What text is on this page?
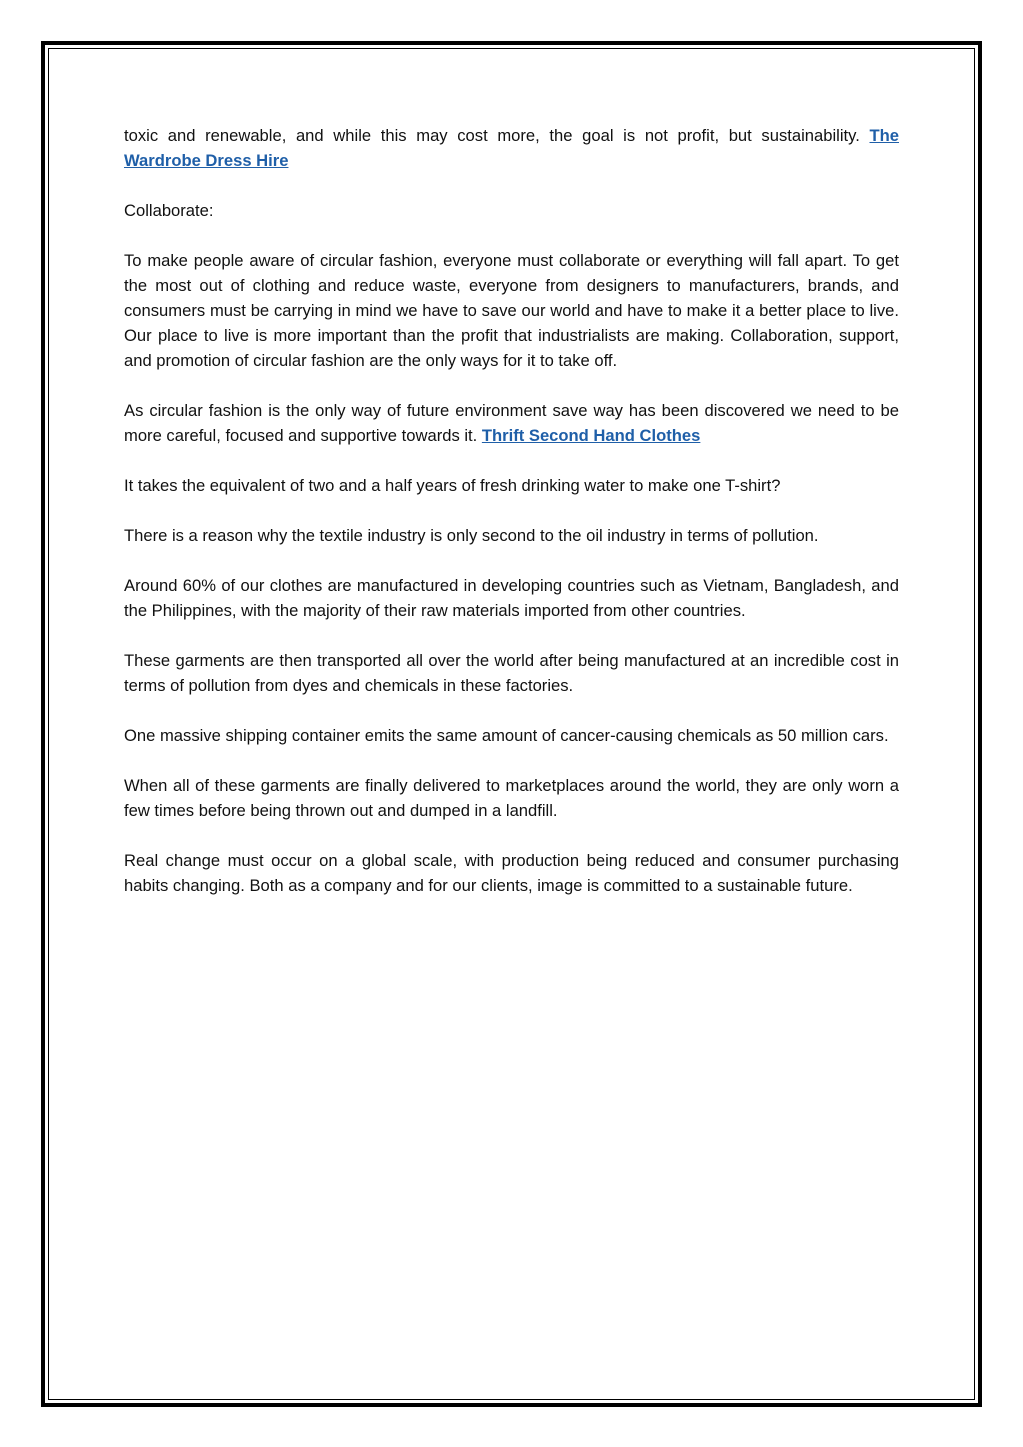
toxic and renewable, and while this may cost more, the goal is not profit, but sustainability. The Wardrobe Dress Hire

Collaborate:

To make people aware of circular fashion, everyone must collaborate or everything will fall apart. To get the most out of clothing and reduce waste, everyone from designers to manufacturers, brands, and consumers must be carrying in mind we have to save our world and have to make it a better place to live. Our place to live is more important than the profit that industrialists are making. Collaboration, support, and promotion of circular fashion are the only ways for it to take off.

As circular fashion is the only way of future environment save way has been discovered we need to be more careful, focused and supportive towards it. Thrift Second Hand Clothes

It takes the equivalent of two and a half years of fresh drinking water to make one T-shirt?

There is a reason why the textile industry is only second to the oil industry in terms of pollution.

Around 60% of our clothes are manufactured in developing countries such as Vietnam, Bangladesh, and the Philippines, with the majority of their raw materials imported from other countries.

These garments are then transported all over the world after being manufactured at an incredible cost in terms of pollution from dyes and chemicals in these factories.

One massive shipping container emits the same amount of cancer-causing chemicals as 50 million cars.

When all of these garments are finally delivered to marketplaces around the world, they are only worn a few times before being thrown out and dumped in a landfill.

Real change must occur on a global scale, with production being reduced and consumer purchasing habits changing. Both as a company and for our clients, image is committed to a sustainable future.
